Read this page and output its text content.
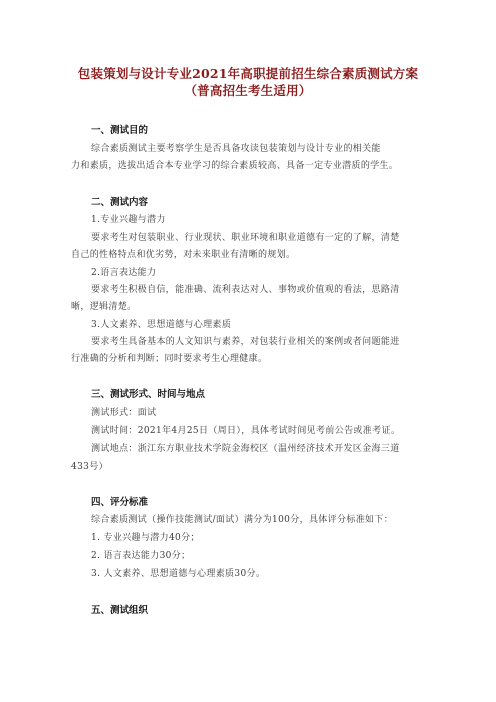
包装策划与设计专业2021年高职提前招生综合素质测试方案
（普高招生考生适用）
一、测试目的
综合素质测试主要考察学生是否具备攻读包装策划与设计专业的相关能
力和素质，选拔出适合本专业学习的综合素质较高、具备一定专业潜质的学生。
二、测试内容
1.专业兴趣与潜力
要求考生对包装职业、行业现状、职业环境和职业道德有一定的了解，清楚
自己的性格特点和优劣势，对未来职业有清晰的规划。
2.语言表达能力
要求考生积极自信，能准确、流利表达对人、事物或价值观的看法，思路清
晰，逻辑清楚。
3.人文素养、思想道德与心理素质
要求考生具备基本的人文知识与素养，对包装行业相关的案例或者问题能进
行准确的分析和判断；同时要求考生心理健康。
三、测试形式、时间与地点
测试形式：面试
测试时间：2021年4月25日（周日），具体考试时间见考前公告或准考证。
测试地点：浙江东方职业技术学院金海校区（温州经济技术开发区金海三道
433号）
四、评分标准
综合素质测试（操作技能测试/面试）满分为100分，具体评分标准如下：
1. 专业兴趣与潜力40分；
2. 语言表达能力30分；
3. 人文素养、思想道德与心理素质30分。
五、测试组织
